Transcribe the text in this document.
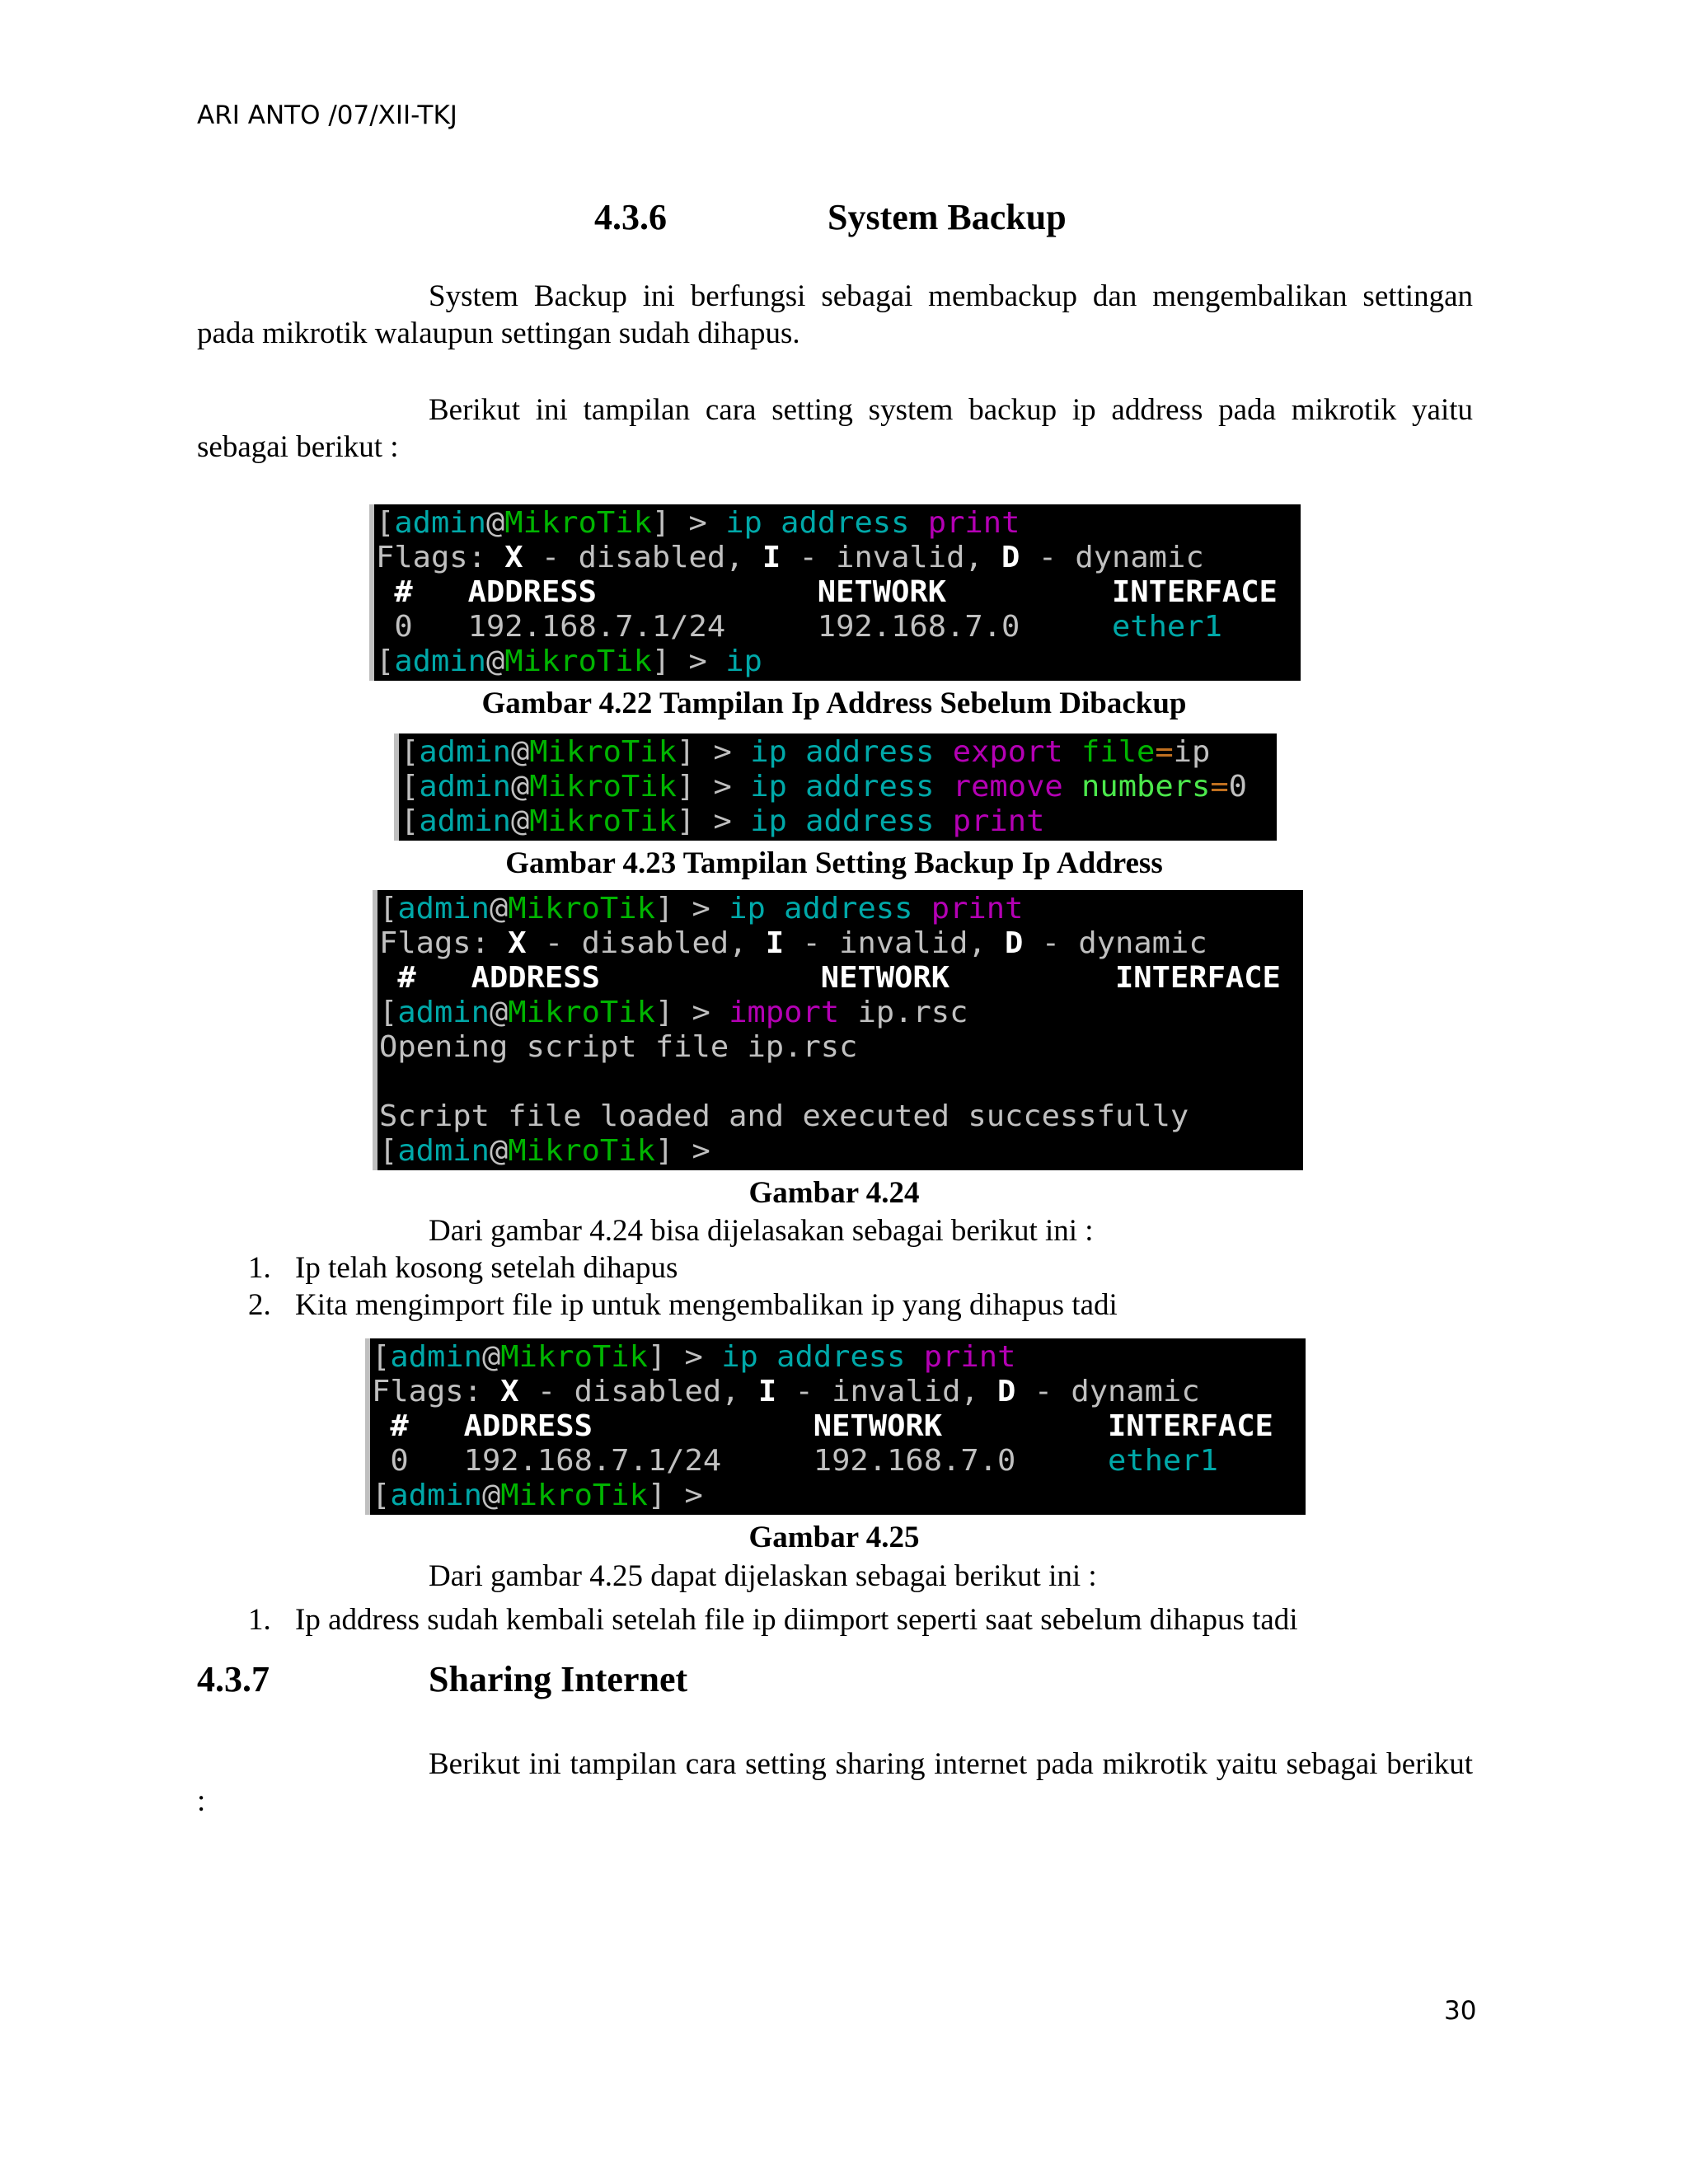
ARI ANTO /07/XII-TKJ
4.3.6	System Backup

System Backup ini berfungsi sebagai membackup dan mengembalikan settingan pada mikrotik walaupun settingan sudah dihapus.

Berikut ini tampilan cara setting system backup ip address pada mikrotik yaitu sebagai berikut :

[admin@MikroTik] > ip address print
Flags: X - disabled, I - invalid, D - dynamic
#   ADDRESS            NETWORK         INTERFACE
0   192.168.7.1/24     192.168.7.0     ether1
[admin@MikroTik] > ip
Gambar 4.22 Tampilan Ip Address Sebelum Dibackup
[admin@MikroTik] > ip address export file=ip
[admin@MikroTik] > ip address remove numbers=0
[admin@MikroTik] > ip address print
Gambar 4.23 Tampilan Setting Backup Ip Address
[admin@MikroTik] > ip address print
Flags: X - disabled, I - invalid, D - dynamic
#   ADDRESS            NETWORK         INTERFACE
[admin@MikroTik] > import ip.rsc
Opening script file ip.rsc
Script file loaded and executed successfully
[admin@MikroTik] >
Gambar 4.24
Dari gambar 4.24 bisa dijelasakan sebagai berikut ini :
1. Ip telah kosong setelah dihapus
2. Kita mengimport file ip untuk mengembalikan ip yang dihapus tadi
[admin@MikroTik] > ip address print
Flags: X - disabled, I - invalid, D - dynamic
#   ADDRESS            NETWORK         INTERFACE
0   192.168.7.1/24     192.168.7.0     ether1
[admin@MikroTik] >
Gambar 4.25
Dari gambar 4.25 dapat dijelaskan sebagai berikut ini :
1. Ip address sudah kembali setelah file ip diimport seperti saat sebelum dihapus tadi
4.3.7	Sharing Internet

Berikut ini tampilan cara setting sharing internet pada mikrotik yaitu sebagai berikut :

30
